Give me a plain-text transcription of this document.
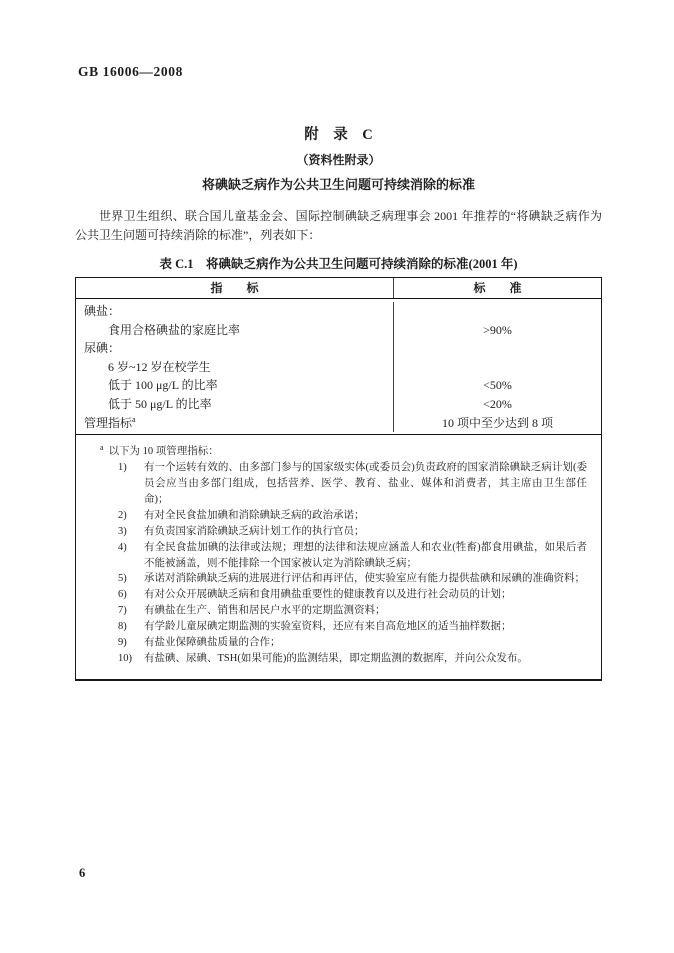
GB 16006—2008
附　录　C
（资料性附录）
将碘缺乏病作为公共卫生问题可持续消除的标准

世界卫生组织、联合国儿童基金会、国际控制碘缺乏病理事会 2001 年推荐的“将碘缺乏病作为公共卫生问题可持续消除的标准”，列表如下：

表 C.1　将碘缺乏病作为公共卫生问题可持续消除的标准(2001 年)
指　　标	标　　准
碘盐：
食用合格碘盐的家庭比率	>90%
尿碘：
6 岁~12 岁在校学生
低于 100 μg/L 的比率	<50%
低于 50 μg/L 的比率	<20%
管理指标$^a$	10 项中至少达到 8 项
$^a$ 以下为 10 项管理指标：
1)	有一个运转有效的、由多部门参与的国家级实体(或委员会)负责政府的国家消除碘缺乏病计划(委员会应当由多部门组成，包括营养、医学、教育、盐业、媒体和消费者，其主席由卫生部任命)；
2)	有对全民食盐加碘和消除碘缺乏病的政治承诺；
3)	有负责国家消除碘缺乏病计划工作的执行官员；
4)	有全民食盐加碘的法律或法规；理想的法律和法规应涵盖人和农业(牲畜)都食用碘盐，如果后者不能被涵盖，则不能排除一个国家被认定为消除碘缺乏病；
5)	承诺对消除碘缺乏病的进展进行评估和再评估，使实验室应有能力提供盐碘和尿碘的准确资料；
6)	有对公众开展碘缺乏病和食用碘盐重要性的健康教育以及进行社会动员的计划；
7)	有碘盐在生产、销售和居民户水平的定期监测资料；
8)	有学龄儿童尿碘定期监测的实验室资料，还应有来自高危地区的适当抽样数据；
9)	有盐业保障碘盐质量的合作；
10)	有盐碘、尿碘、TSH(如果可能)的监测结果，即定期监测的数据库，并向公众发布。
6
